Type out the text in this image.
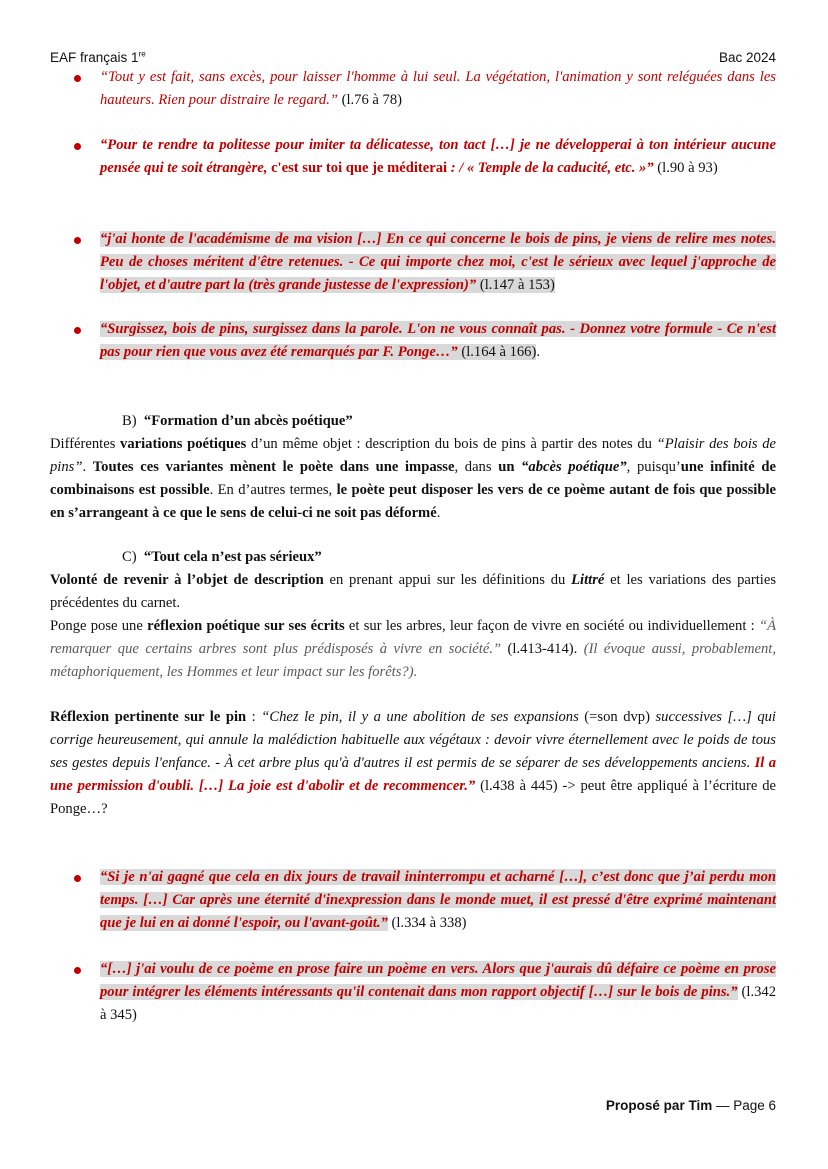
EAF français 1re	Bac 2024
“Tout y est fait, sans excès, pour laisser l'homme à lui seul. La végétation, l'animation y sont reléguées dans les hauteurs. Rien pour distraire le regard.” (l.76 à 78)
“Pour te rendre ta politesse pour imiter ta délicatesse, ton tact […] je ne développerai à ton intérieur aucune pensée qui te soit étrangère, c'est sur toi que je méditerai : / « Temple de la caducité, etc. »” (l.90 à 93)
“j'ai honte de l'académisme de ma vision […] En ce qui concerne le bois de pins, je viens de relire mes notes. Peu de choses méritent d'être retenues. - Ce qui importe chez moi, c'est le sérieux avec lequel j'approche de l'objet, et d'autre part la (très grande justesse de l'expression)” (l.147 à 153)
“Surgissez, bois de pins, surgissez dans la parole. L'on ne vous connaît pas. - Donnez votre formule - Ce n'est pas pour rien que vous avez été remarqués par F. Ponge…” (l.164 à 166).

B) “Formation d’un abcès poétique”

Différentes variations poétiques d’un même objet : description du bois de pins à partir des notes du “Plaisir des bois de pins”. Toutes ces variantes mènent le poète dans une impasse, dans un “abcès poétique”, puisqu’une infinité de combinaisons est possible. En d’autres termes, le poète peut disposer les vers de ce poème autant de fois que possible en s’arrangeant à ce que le sens de celui-ci ne soit pas déformé.

C) “Tout cela n’est pas sérieux”

Volonté de revenir à l’objet de description en prenant appui sur les définitions du Littré et les variations des parties précédentes du carnet.

Ponge pose une réflexion poétique sur ses écrits et sur les arbres, leur façon de vivre en société ou individuellement : “À remarquer que certains arbres sont plus prédisposés à vivre en société.” (l.413-414). (Il évoque aussi, probablement, métaphoriquement, les Hommes et leur impact sur les forêts?).

Réflexion pertinente sur le pin : “Chez le pin, il y a une abolition de ses expansions (=son dvp) successives […] qui corrige heureusement, qui annule la malédiction habituelle aux végétaux : devoir vivre éternellement avec le poids de tous ses gestes depuis l'enfance. - À cet arbre plus qu'à d'autres il est permis de se séparer de ses développements anciens. Il a une permission d'oubli. […] La joie est d'abolir et de recommencer.” (l.438 à 445) -> peut être appliqué à l’écriture de Ponge…?

“Si je n'ai gagné que cela en dix jours de travail ininterrompu et acharné […], c’est donc que j’ai perdu mon temps. […] Car après une éternité d'inexpression dans le monde muet, il est pressé d'être exprimé maintenant que je lui en ai donné l'espoir, ou l'avant-goût.” (l.334 à 338)
“[…] j'ai voulu de ce poème en prose faire un poème en vers. Alors que j'aurais dû défaire ce poème en prose pour intégrer les éléments intéressants qu'il contenait dans mon rapport objectif […] sur le bois de pins.” (l.342 à 345)
Proposé par Tim — Page 6
